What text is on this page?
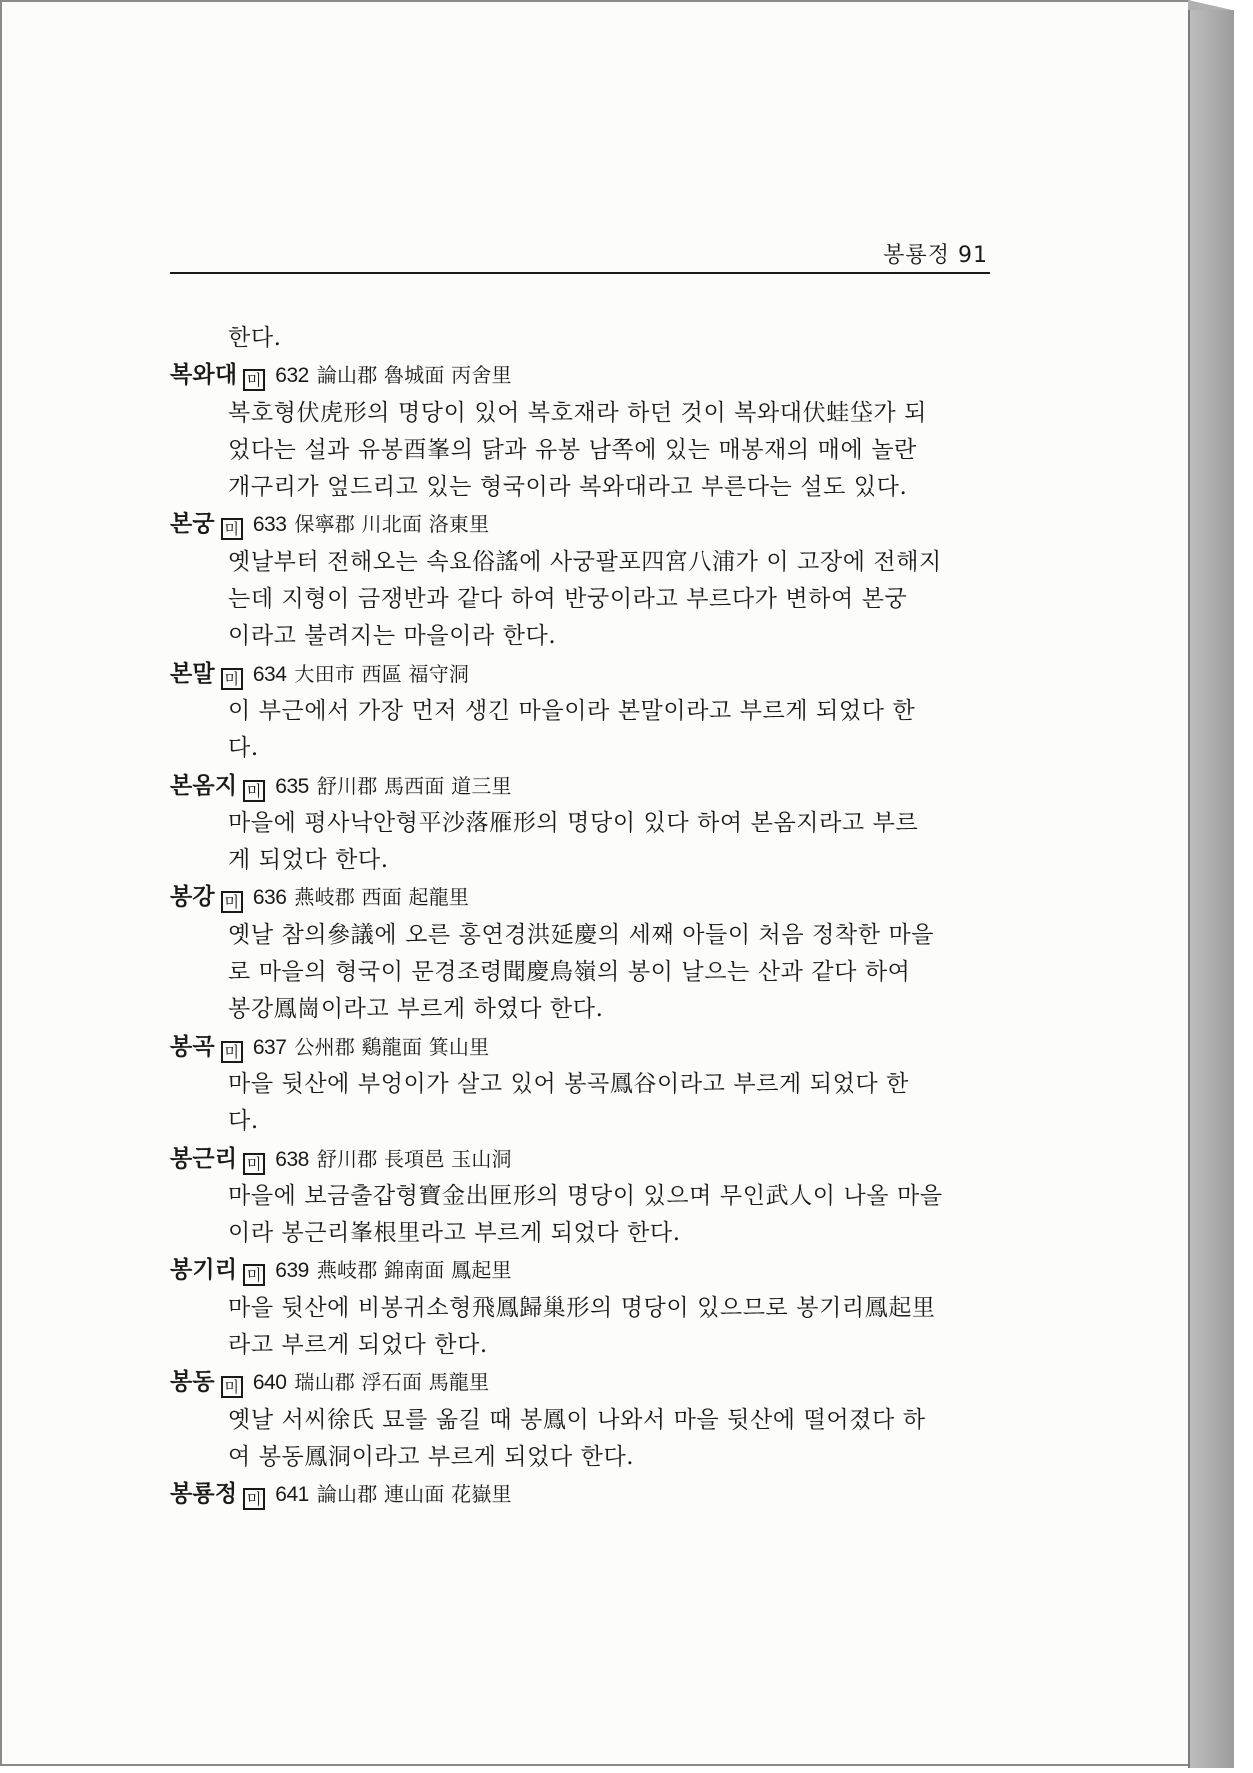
봉룡정 91
한다.
복와대 미 632 論山郡 魯城面 丙舍里
복호형伏虎形의 명당이 있어 복호재라 하던 것이 복와대伏蛙垈가 되
었다는 설과 유봉酉峯의 닭과 유봉 남쪽에 있는 매봉재의 매에 놀란
개구리가 엎드리고 있는 형국이라 복와대라고 부른다는 설도 있다.
본궁 미 633 保寧郡 川北面 洛東里
옛날부터 전해오는 속요俗謠에 사궁팔포四宮八浦가 이 고장에 전해지
는데 지형이 금쟁반과 같다 하여 반궁이라고 부르다가 변하여 본궁
이라고 불려지는 마을이라 한다.
본말 미 634 大田市 西區 福守洞
이 부근에서 가장 먼저 생긴 마을이라 본말이라고 부르게 되었다 한
다.
본옴지 미 635 舒川郡 馬西面 道三里
마을에 평사낙안형平沙落雁形의 명당이 있다 하여 본옴지라고 부르
게 되었다 한다.
봉강 미 636 燕岐郡 西面 起龍里
옛날 참의參議에 오른 홍연경洪延慶의 세째 아들이 처음 정착한 마을
로 마을의 형국이 문경조령聞慶鳥嶺의 봉이 날으는 산과 같다 하여
봉강鳳崗이라고 부르게 하였다 한다.
봉곡 미 637 公州郡 鷄龍面 箕山里
마을 뒷산에 부엉이가 살고 있어 봉곡鳳谷이라고 부르게 되었다 한
다.
봉근리 미 638 舒川郡 長項邑 玉山洞
마을에 보금출갑형寶金出匣形의 명당이 있으며 무인武人이 나올 마을
이라 봉근리峯根里라고 부르게 되었다 한다.
봉기리 미 639 燕岐郡 錦南面 鳳起里
마을 뒷산에 비봉귀소형飛鳳歸巢形의 명당이 있으므로 봉기리鳳起里
라고 부르게 되었다 한다.
봉동 미 640 瑞山郡 浮石面 馬龍里
옛날 서씨徐氏 묘를 옮길 때 봉鳳이 나와서 마을 뒷산에 떨어졌다 하
여 봉동鳳洞이라고 부르게 되었다 한다.
봉룡정 미 641 論山郡 連山面 花嶽里
